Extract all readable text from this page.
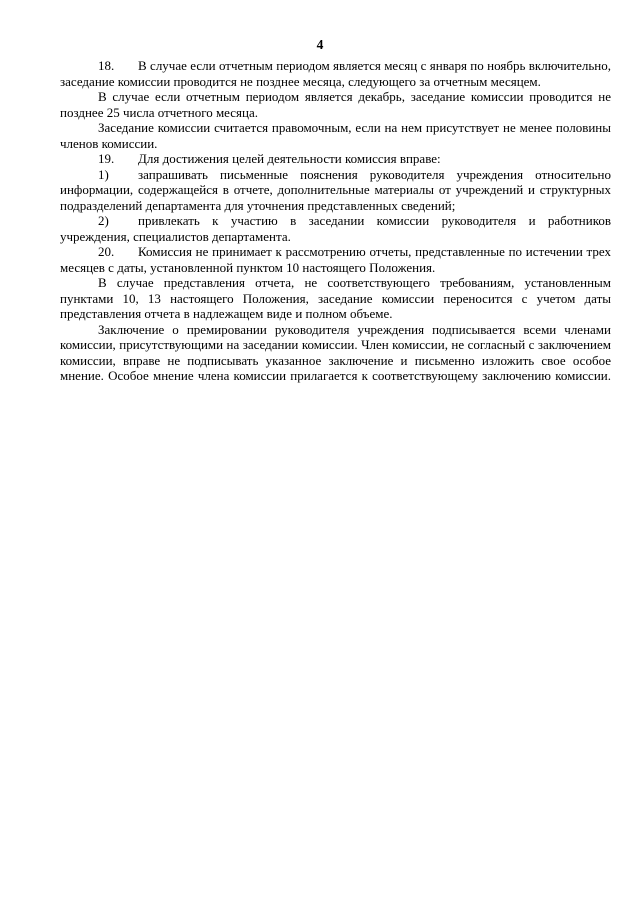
4

18. В случае если отчетным периодом является месяц с января по ноябрь включительно, заседание комиссии проводится не позднее месяца, следующего за отчетным месяцем.

В случае если отчетным периодом является декабрь, заседание комиссии проводится не позднее 25 числа отчетного месяца.

Заседание комиссии считается правомочным, если на нем присутствует не менее половины членов комиссии.

19. Для достижения целей деятельности комиссия вправе:

1) запрашивать письменные пояснения руководителя учреждения относительно информации, содержащейся в отчете, дополнительные материалы от учреждений и структурных подразделений департамента для уточнения представленных сведений;

2) привлекать к участию в заседании комиссии руководителя и работников учреждения, специалистов департамента.

20. Комиссия не принимает к рассмотрению отчеты, представленные по истечении трех месяцев с даты, установленной пунктом 10 настоящего Положения.

В случае представления отчета, не соответствующего требованиям, установленным пунктами 10, 13 настоящего Положения, заседание комиссии переносится с учетом даты представления отчета в надлежащем виде и полном объеме.

Заключение о премировании руководителя учреждения подписывается всеми членами комиссии, присутствующими на заседании комиссии. Член комиссии, не согласный с заключением комиссии, вправе не подписывать указанное заключение и письменно изложить свое особое мнение. Особое мнение члена комиссии прилагается к соответствующему заключению комиссии.
